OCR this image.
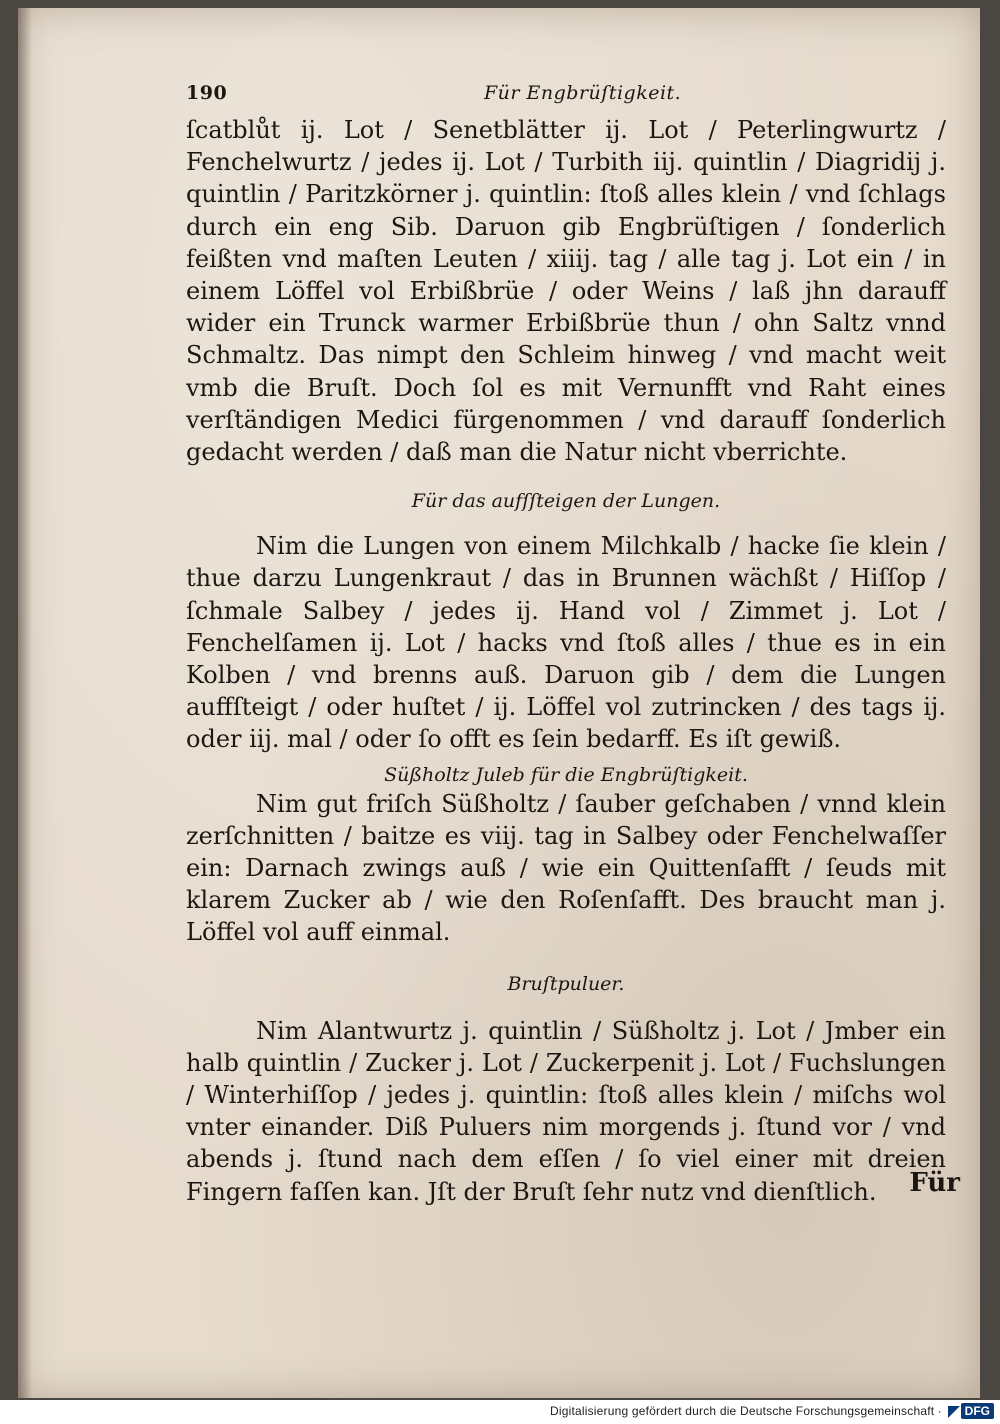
190	Für Engbrüſtigkeit.

ſcatblůt ij. Lot / Senetblätter ij. Lot / Peterlingwurtz / Fenchelwurtz / jedes ij. Lot / Turbith iij. quintlin / Diagridij j. quintlin / Paritzkörner j. quintlin: ſtoß alles klein / vnd ſchlags durch ein eng Sib. Daruon gib Engbrüſtigen / ſonderlich feißten vnd maſten Leuten / xiiij. tag / alle tag j. Lot ein / in einem Löffel vol Erbißbrüe / oder Weins / laß jhn darauff wider ein Trunck warmer Erbißbrüe thun / ohn Saltz vnnd Schmaltz. Das nimpt den Schleim hinweg / vnd macht weit vmb die Bruſt. Doch ſol es mit Vernunfft vnd Raht eines verſtändigen Medici fürgenommen / vnd darauff ſonderlich gedacht werden / daß man die Natur nicht vberrichte.

Für das aufſſteigen der Lungen.

Nim die Lungen von einem Milchkalb / hacke ſie klein / thue darzu Lungenkraut / das in Brunnen wächßt / Hiſſop / ſchmale Salbey / jedes ij. Hand vol / Zimmet j. Lot / Fenchelſamen ij. Lot / hacks vnd ſtoß alles / thue es in ein Kolben / vnd brenns auß. Daruon gib / dem die Lungen auffſteigt / oder huſtet / ij. Löffel vol zutrincken / des tags ij. oder iij. mal / oder ſo offt es ſein bedarff. Es iſt gewiß.

Süßholtz Juleb für die Engbrüſtigkeit.

Nim gut friſch Süßholtz / ſauber geſchaben / vnnd klein zerſchnitten / baitze es viij. tag in Salbey oder Fenchelwaſſer ein: Darnach zwings auß / wie ein Quittenſafft / ſeuds mit klarem Zucker ab / wie den Roſenſafft. Des braucht man j. Löffel vol auff einmal.

Bruſtpuluer.

Nim Alantwurtz j. quintlin / Süßholtz j. Lot / Jmber ein halb quintlin / Zucker j. Lot / Zuckerpenit j. Lot / Fuchslungen / Winterhiſſop / jedes j. quintlin: ſtoß alles klein / miſchs wol vnter einander. Diß Puluers nim morgends j. ſtund vor / vnd abends j. ſtund nach dem eſſen / ſo viel einer mit dreien Fingern faſſen kan. Jſt der Bruſt ſehr nutz vnd dienſtlich.	Für
Digitalisierung gefördert durch die Deutsche Forschungsgemeinschaft ·	DFG
